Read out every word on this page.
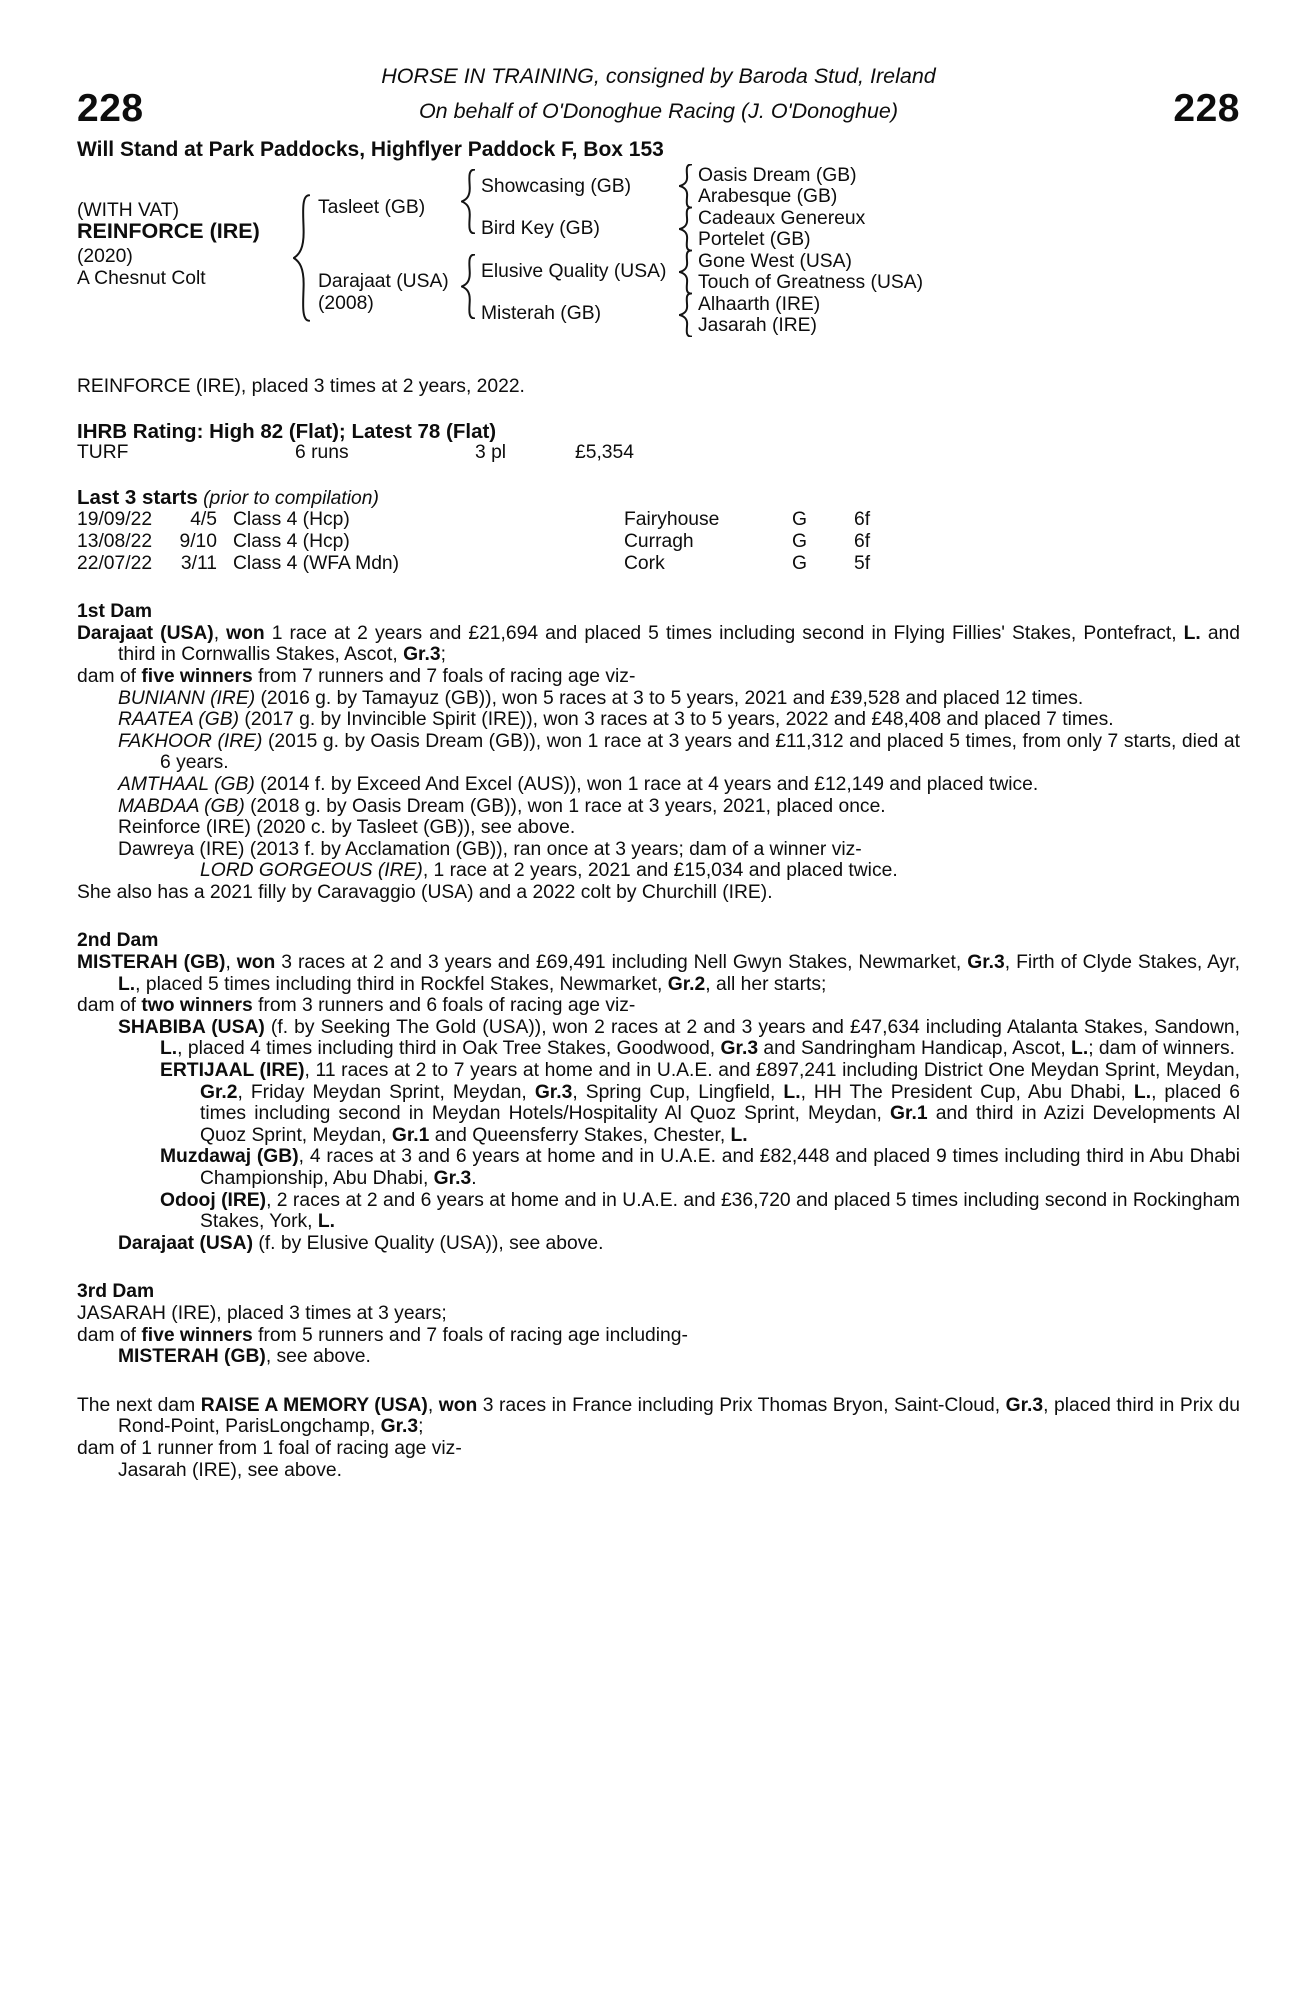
HORSE IN TRAINING, consigned by Baroda Stud, Ireland
228	On behalf of O'Donoghue Racing (J. O'Donoghue)	228
Will Stand at Park Paddocks, Highflyer Paddock F, Box 153
(WITH VAT)
REINFORCE (IRE)
(2020)
A Chesnut Colt
Tasleet (GB)
Darajaat (USA)
(2008)
Showcasing (GB)
Bird Key (GB)
Elusive Quality (USA)
Misterah (GB)
Oasis Dream (GB)
Arabesque (GB)
Cadeaux Genereux
Portelet (GB)
Gone West (USA)
Touch of Greatness (USA)
Alhaarth (IRE)
Jasarah (IRE)
REINFORCE (IRE), placed 3 times at 2 years, 2022.
IHRB Rating: High 82 (Flat); Latest 78 (Flat)
TURF	6 runs	3 pl	£5,354
Last 3 starts (prior to compilation)
19/09/22	4/5 Class 4 (Hcp)	Fairyhouse	G	6f
13/08/22	9/10 Class 4 (Hcp)	Curragh	G	6f
22/07/22	3/11 Class 4 (WFA Mdn)	Cork	G	5f
1st Dam

Darajaat (USA), won 1 race at 2 years and £21,694 and placed 5 times including second in Flying Fillies' Stakes, Pontefract, L. and third in Cornwallis Stakes, Ascot, Gr.3;

dam of five winners from 7 runners and 7 foals of racing age viz-

BUNIANN (IRE) (2016 g. by Tamayuz (GB)), won 5 races at 3 to 5 years, 2021 and £39,528 and placed 12 times.

RAATEA (GB) (2017 g. by Invincible Spirit (IRE)), won 3 races at 3 to 5 years, 2022 and £48,408 and placed 7 times.

FAKHOOR (IRE) (2015 g. by Oasis Dream (GB)), won 1 race at 3 years and £11,312 and placed 5 times, from only 7 starts, died at 6 years.

AMTHAAL (GB) (2014 f. by Exceed And Excel (AUS)), won 1 race at 4 years and £12,149 and placed twice.

MABDAA (GB) (2018 g. by Oasis Dream (GB)), won 1 race at 3 years, 2021, placed once.

Reinforce (IRE) (2020 c. by Tasleet (GB)), see above.

Dawreya (IRE) (2013 f. by Acclamation (GB)), ran once at 3 years; dam of a winner viz-

LORD GORGEOUS (IRE), 1 race at 2 years, 2021 and £15,034 and placed twice.

She also has a 2021 filly by Caravaggio (USA) and a 2022 colt by Churchill (IRE).

2nd Dam

MISTERAH (GB), won 3 races at 2 and 3 years and £69,491 including Nell Gwyn Stakes, Newmarket, Gr.3, Firth of Clyde Stakes, Ayr, L., placed 5 times including third in Rockfel Stakes, Newmarket, Gr.2, all her starts;

dam of two winners from 3 runners and 6 foals of racing age viz-

SHABIBA (USA) (f. by Seeking The Gold (USA)), won 2 races at 2 and 3 years and £47,634 including Atalanta Stakes, Sandown, L., placed 4 times including third in Oak Tree Stakes, Goodwood, Gr.3 and Sandringham Handicap, Ascot, L.; dam of winners.

ERTIJAAL (IRE), 11 races at 2 to 7 years at home and in U.A.E. and £897,241 including District One Meydan Sprint, Meydan, Gr.2, Friday Meydan Sprint, Meydan, Gr.3, Spring Cup, Lingfield, L., HH The President Cup, Abu Dhabi, L., placed 6 times including second in Meydan Hotels/Hospitality Al Quoz Sprint, Meydan, Gr.1 and third in Azizi Developments Al Quoz Sprint, Meydan, Gr.1 and Queensferry Stakes, Chester, L.

Muzdawaj (GB), 4 races at 3 and 6 years at home and in U.A.E. and £82,448 and placed 9 times including third in Abu Dhabi Championship, Abu Dhabi, Gr.3.

Odooj (IRE), 2 races at 2 and 6 years at home and in U.A.E. and £36,720 and placed 5 times including second in Rockingham Stakes, York, L.

Darajaat (USA) (f. by Elusive Quality (USA)), see above.

3rd Dam

JASARAH (IRE), placed 3 times at 3 years;

dam of five winners from 5 runners and 7 foals of racing age including-

MISTERAH (GB), see above.

The next dam RAISE A MEMORY (USA), won 3 races in France including Prix Thomas Bryon, Saint-Cloud, Gr.3, placed third in Prix du Rond-Point, ParisLongchamp, Gr.3;

dam of 1 runner from 1 foal of racing age viz-

Jasarah (IRE), see above.
